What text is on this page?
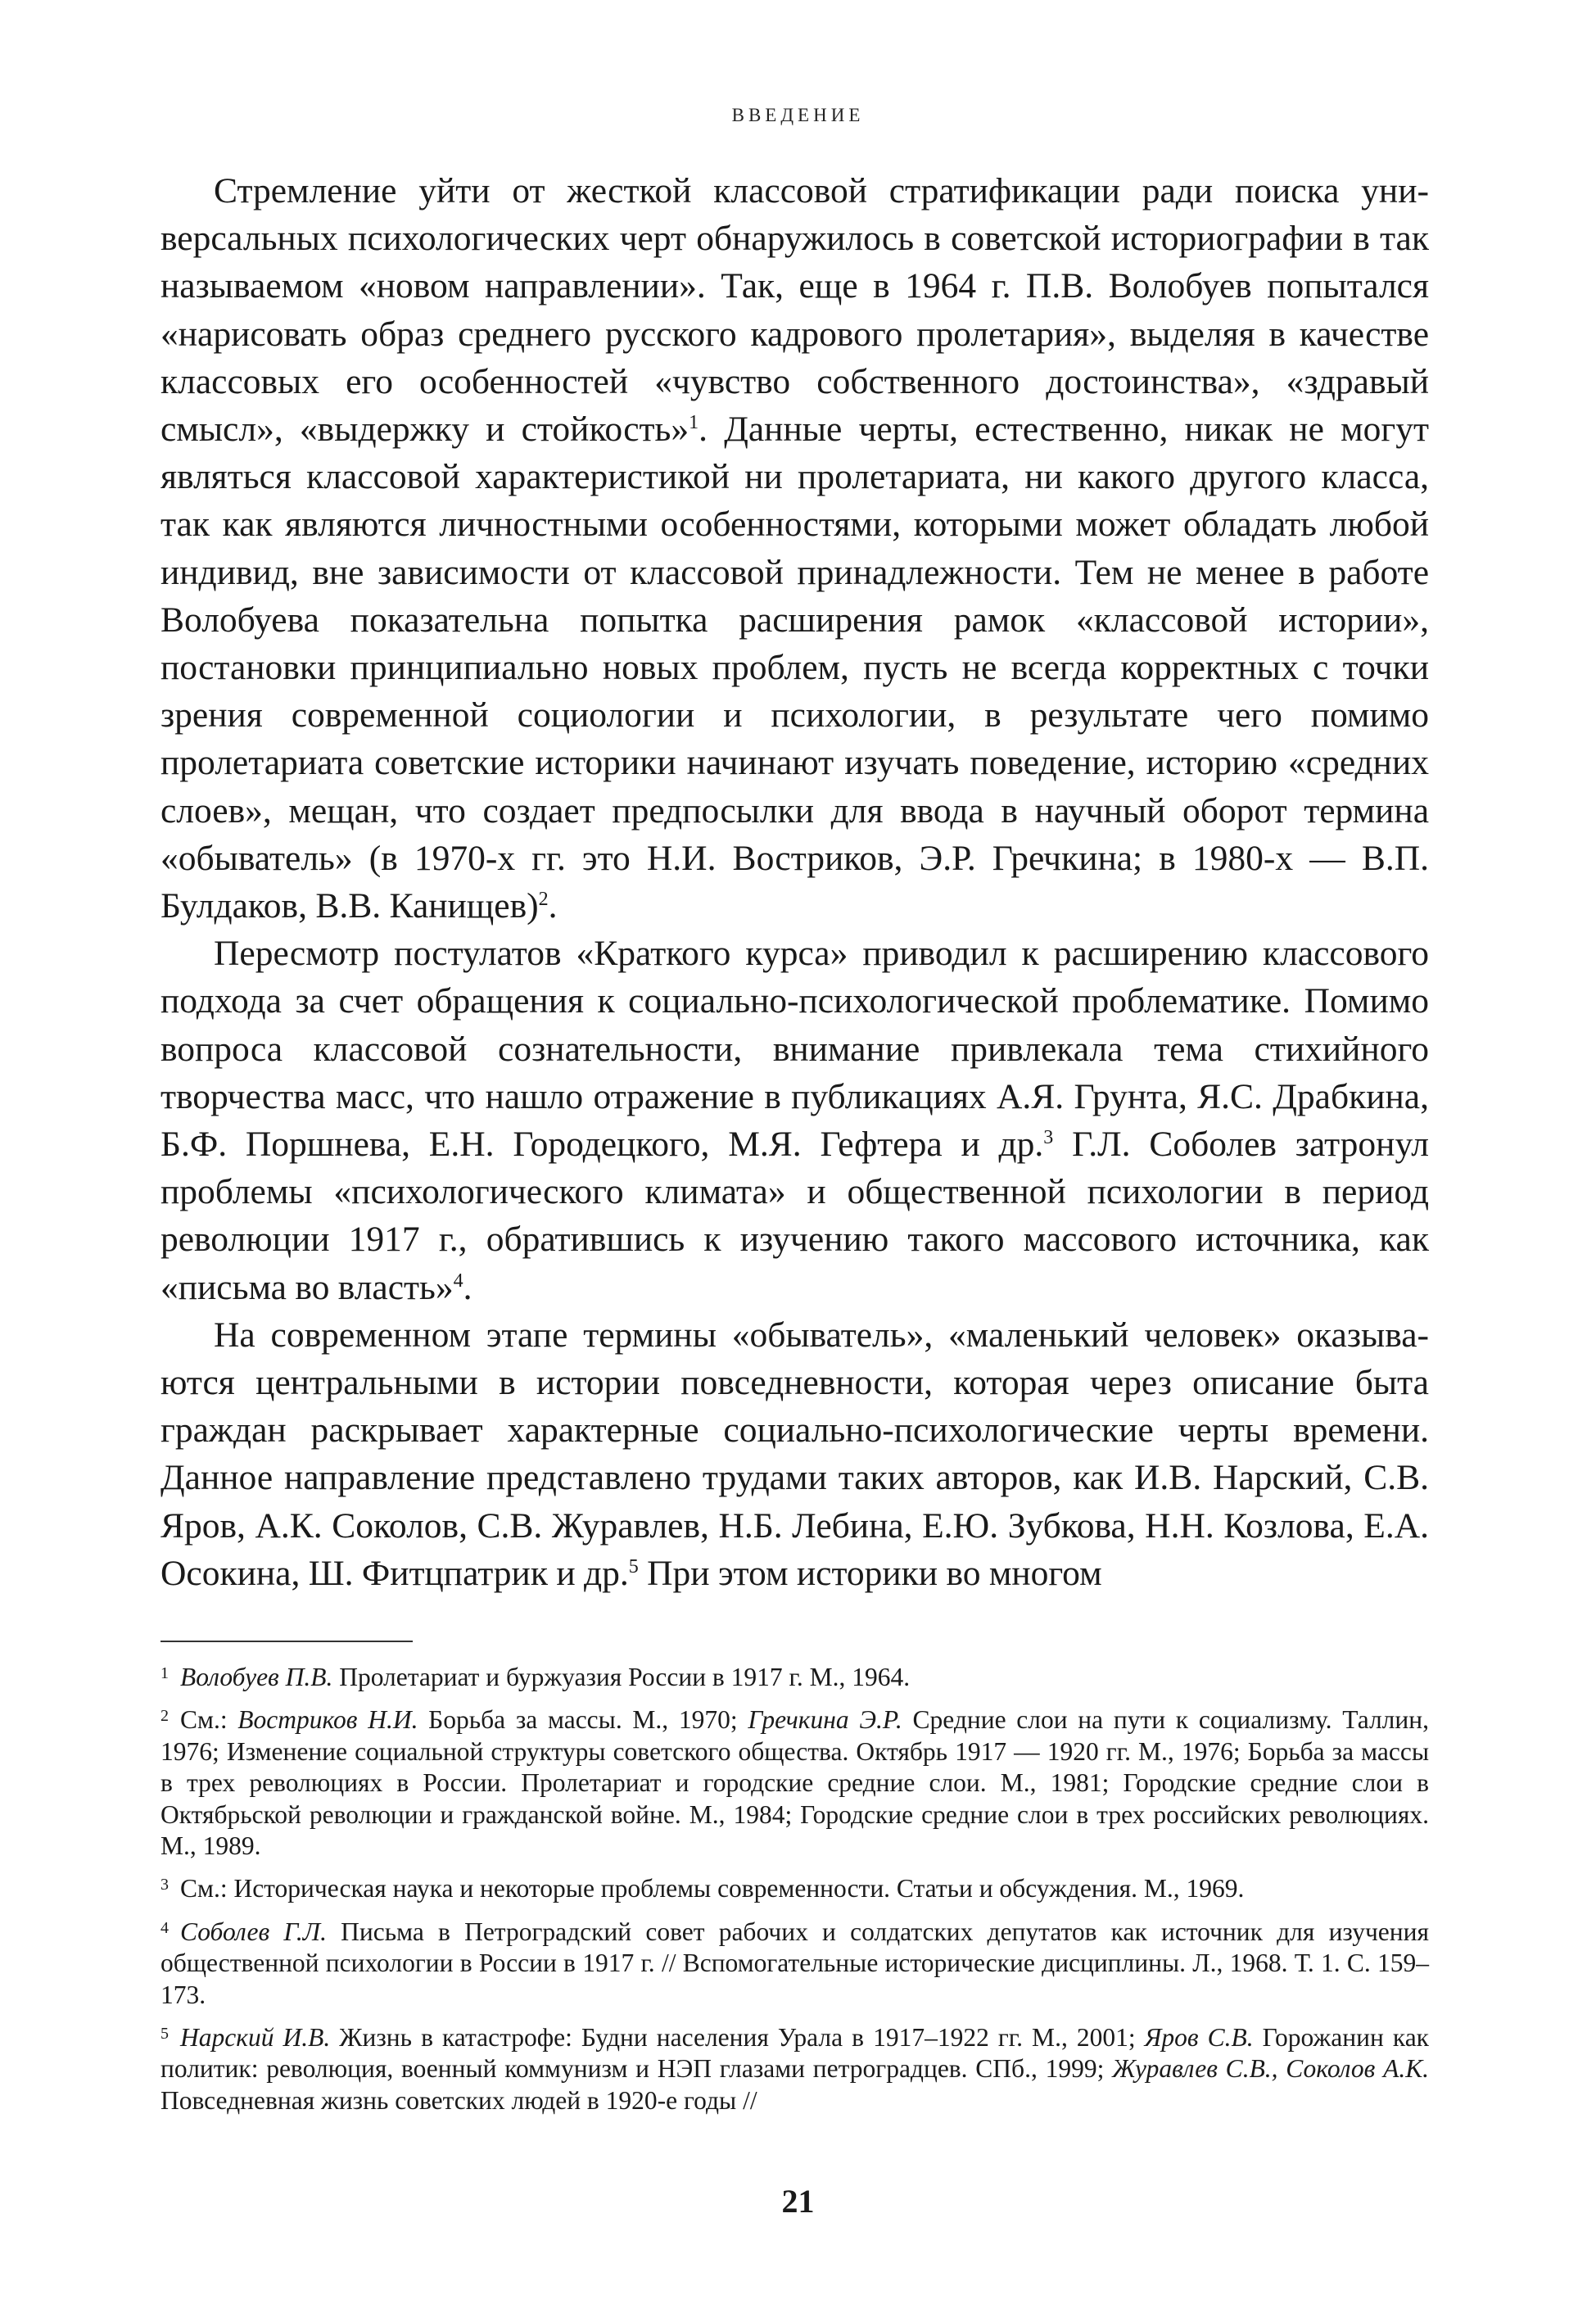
ВВЕДЕНИЕ

Стремление уйти от жесткой классовой стратификации ради поиска универсальных психологических черт обнаружилось в советской историографии в так называемом «новом направлении». Так, еще в 1964 г. П.В. Волобуев попытался «нарисовать образ среднего русского кадрового пролетария», выделяя в качестве классовых его особенностей «чувство собственного достоинства», «здравый смысл», «выдержку и стойкость»$^1$. Данные черты, естественно, никак не могут являться классовой характеристикой ни пролетариата, ни какого другого класса, так как являются личностными особенностями, которыми может обладать любой индивид, вне зависимости от классовой принадлежности. Тем не менее в работе Волобуева показательна попытка расширения рамок «классовой истории», постановки принципиально новых проблем, пусть не всегда корректных с точки зрения современной социологии и психологии, в результате чего помимо пролетариата советские историки начинают изучать поведение, историю «средних слоев», мещан, что создает предпосылки для ввода в научный оборот термина «обыватель» (в 1970-х гг. это Н.И. Востриков, Э.Р. Гречкина; в 1980-х — В.П. Булдаков, В.В. Канищев)$^2$.

Пересмотр постулатов «Краткого курса» приводил к расширению классового подхода за счет обращения к социально-психологической проблематике. Помимо вопроса классовой сознательности, внимание привлекала тема стихийного творчества масс, что нашло отражение в публикациях А.Я. Грунта, Я.С. Драбкина, Б.Ф. Поршнева, Е.Н. Городецкого, М.Я. Гефтера и др.$^3$ Г.Л. Соболев затронул проблемы «психологического климата» и общественной психологии в период революции 1917 г., обратившись к изучению такого массового источника, как «письма во власть»$^4$.

На современном этапе термины «обыватель», «маленький человек» оказываются центральными в истории повседневности, которая через описание быта граждан раскрывает характерные социально-психологические черты времени. Данное направление представлено трудами таких авторов, как И.В. Нарский, С.В. Яров, А.К. Соколов, С.В. Журавлев, Н.Б. Лебина, Е.Ю. Зубкова, Н.Н. Козлова, Е.А. Осокина, Ш. Фитцпатрик и др.$^5$ При этом историки во многом

$^1$ Волобуев П.В. Пролетариат и буржуазия России в 1917 г. М., 1964.

$^2$ См.: Востриков Н.И. Борьба за массы. М., 1970; Гречкина Э.Р. Средние слои на пути к социализму. Таллин, 1976; Изменение социальной структуры советского общества. Октябрь 1917 — 1920 гг. М., 1976; Борьба за массы в трех революциях в России. Пролетариат и городские средние слои. М., 1981; Городские средние слои в Октябрьской революции и гражданской войне. М., 1984; Городские средние слои в трех российских революциях. М., 1989.

$^3$ См.: Историческая наука и некоторые проблемы современности. Статьи и обсуждения. М., 1969.

$^4$ Соболев Г.Л. Письма в Петроградский совет рабочих и солдатских депутатов как источник для изучения общественной психологии в России в 1917 г. // Вспомогательные исторические дисциплины. Л., 1968. Т. 1. С. 159–173.

$^5$ Нарский И.В. Жизнь в катастрофе: Будни населения Урала в 1917–1922 гг. М., 2001; Яров С.В. Горожанин как политик: революция, военный коммунизм и НЭП глазами петроградцев. СПб., 1999; Журавлев С.В., Соколов А.К. Повседневная жизнь советских людей в 1920-е годы //

21
